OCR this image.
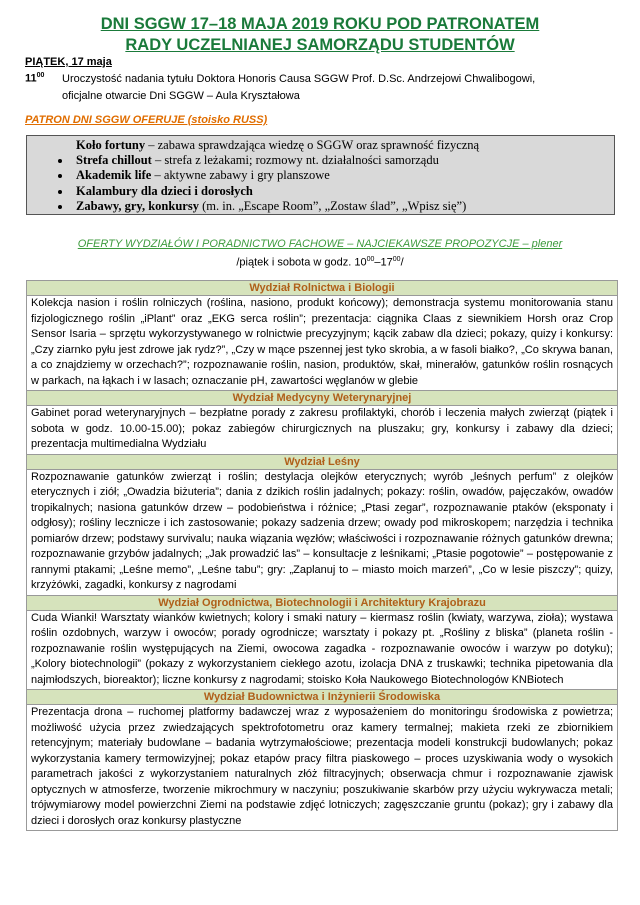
DNI SGGW 17–18 MAJA 2019 ROKU POD PATRONATEM
RADY UCZELNIANEJ SAMORZĄDU STUDENTÓW
PIĄTEK, 17 maja
$11^{00}$ Uroczystość nadania tytułu Doktora Honoris Causa SGGW Prof. D.Sc. Andrzejowi Chwalibogowi,
oficjalne otwarcie Dni SGGW – Aula Kryształowa
PATRON DNI SGGW OFERUJE (stoisko RUSS)
Koło fortuny – zabawa sprawdzająca wiedzę o SGGW oraz sprawność fizyczną
• Strefa chillout – strefa z leżakami; rozmowy nt. działalności samorządu
• Akademik life – aktywne zabawy i gry planszowe
• Kalambury dla dzieci i dorosłych
• Zabawy, gry, konkursy (m. in. „Escape Room”, „Zostaw ślad”, „Wpisz się”)
OFERTY WYDZIAŁÓW I PORADNICTWO FACHOWE – NAJCIEKAWSZE PROPOZYCJE – plener
/piątek i sobota w godz. $10^{00}-17^{00}/$
Wydział Rolnictwa i Biologii
Kolekcja nasion i roślin rolniczych (roślina, nasiono, produkt końcowy); demonstracja systemu monitorowania stanu fizjologicznego roślin „iPlant” oraz „EKG serca roślin”; prezentacja: ciągnika Claas z siewnikiem Horsh oraz Crop Sensor Isaria – sprzętu wykorzystywanego w rolnictwie precyzyjnym; kącik zabaw dla dzieci; pokazy, quizy i konkursy: „Czy ziarnko pyłu jest zdrowe jak rydz?”, „Czy w mące pszennej jest tyko skrobia, a w fasoli białko?, „Co skrywa banan, a co znajdziemy w orzechach?”; rozpoznawanie roślin, nasion, produktów, skał, minerałów, gatunków roślin rosnących w parkach, na łąkach i w lasach; oznaczanie pH, zawartości węglanów w glebie
Wydział Medycyny Weterynaryjnej
Gabinet porad weterynaryjnych – bezpłatne porady z zakresu profilaktyki, chorób i leczenia małych zwierząt (piątek i sobota w godz. 10.00-15.00); pokaz zabiegów chirurgicznych na pluszaku; gry, konkursy i zabawy dla dzieci; prezentacja multimedialna Wydziału
Wydział Leśny
Rozpoznawanie gatunków zwierząt i roślin; destylacja olejków eterycznych; wyrób „leśnych perfum” z olejków eterycznych i ziół; „Owadzia biżuteria”; dania z dzikich roślin jadalnych; pokazy: roślin, owadów, pajęczaków, owadów tropikalnych; nasiona gatunków drzew – podobieństwa i różnice; „Ptasi zegar”, rozpoznawanie ptaków (eksponaty i odgłosy); rośliny lecznicze i ich zastosowanie; pokazy sadzenia drzew; owady pod mikroskopem; narzędzia i technika pomiarów drzew; podstawy survivalu; nauka wiązania węzłów; właściwości i rozpoznawanie różnych gatunków drewna; rozpoznawanie grzybów jadalnych; „Jak prowadzić las” – konsultacje z leśnikami; „Ptasie pogotowie” – postępowanie z rannymi ptakami; „Leśne memo”, „Leśne tabu”; gry: „Zaplanuj to – miasto moich marzeń”, „Co w lesie piszczy”; quizy, krzyżówki, zagadki, konkursy z nagrodami
Wydział Ogrodnictwa, Biotechnologii i Architektury Krajobrazu
Cuda Wianki! Warsztaty wianków kwietnych; kolory i smaki natury – kiermasz roślin (kwiaty, warzywa, zioła); wystawa roślin ozdobnych, warzyw i owoców; porady ogrodnicze; warsztaty i pokazy pt. „Rośliny z bliska” (planeta roślin - rozpoznawanie roślin występujących na Ziemi, owocowa zagadka - rozpoznawanie owoców i warzyw po dotyku); „Kolory biotechnologii” (pokazy z wykorzystaniem ciekłego azotu, izolacja DNA z truskawki; technika pipetowania dla najmłodszych, bioreaktor); liczne konkursy z nagrodami; stoisko Koła Naukowego Biotechnologów KNBiotech
Wydział Budownictwa i Inżynierii Środowiska
Prezentacja drona – ruchomej platformy badawczej wraz z wyposażeniem do monitoringu środowiska z powietrza; możliwość użycia przez zwiedzających spektrofotometru oraz kamery termalnej; makieta rzeki ze zbiornikiem retencyjnym; materiały budowlane – badania wytrzymałościowe; prezentacja modeli konstrukcji budowlanych; pokaz wykorzystania kamery termowizyjnej; pokaz etapów pracy filtra piaskowego – proces uzyskiwania wody o wysokich parametrach jakości z wykorzystaniem naturalnych złóż filtracyjnych; obserwacja chmur i rozpoznawanie zjawisk optycznych w atmosferze, tworzenie mikrochmury w naczyniu; poszukiwanie skarbów przy użyciu wykrywacza metali; trójwymiarowy model powierzchni Ziemi na podstawie zdjęć lotniczych; zagęszczanie gruntu (pokaz); gry i zabawy dla dzieci i dorosłych oraz konkursy plastyczne
